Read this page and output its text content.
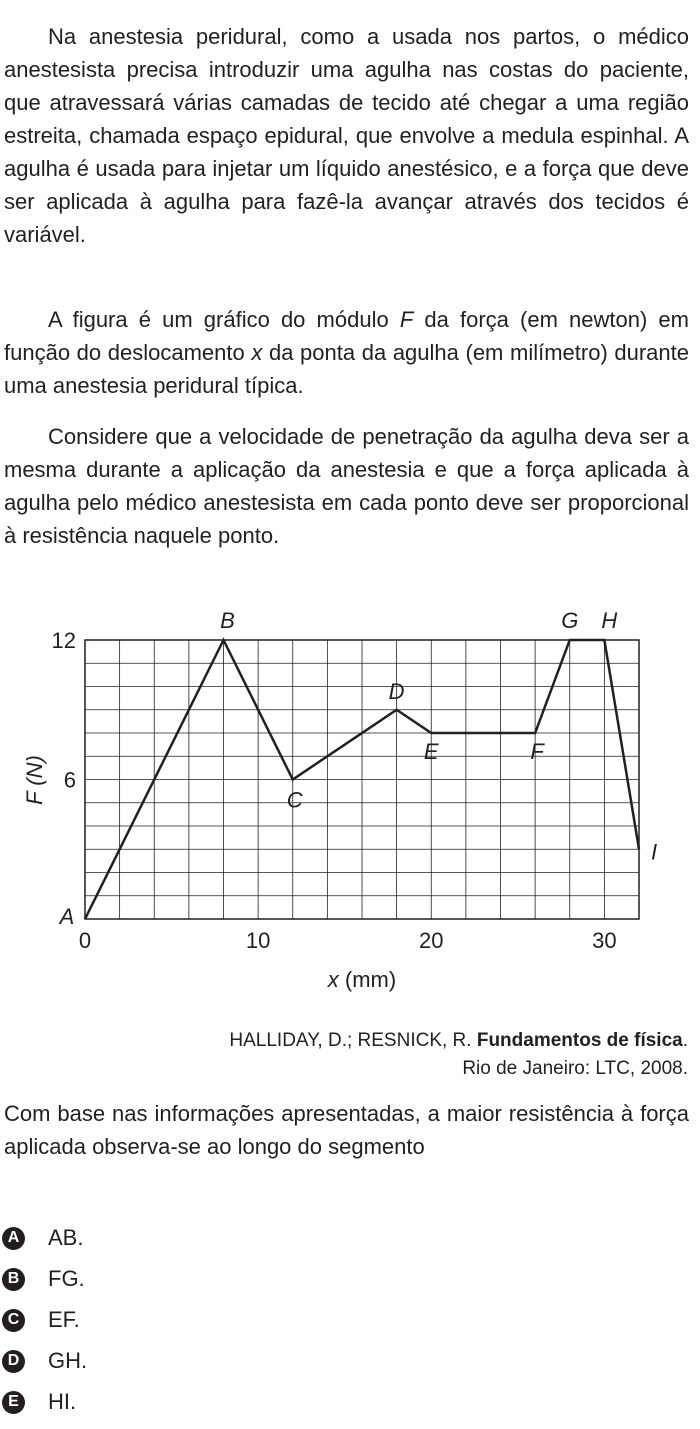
Na anestesia peridural, como a usada nos partos, o médico anestesista precisa introduzir uma agulha nas costas do paciente, que atravessará várias camadas de tecido até chegar a uma região estreita, chamada espaço epidural, que envolve a medula espinhal. A agulha é usada para injetar um líquido anestésico, e a força que deve ser aplicada à agulha para fazê-la avançar através dos tecidos é variável.

A figura é um gráfico do módulo F da força (em newton) em função do deslocamento x da ponta da agulha (em milímetro) durante uma anestesia peridural típica.

Considere que a velocidade de penetração da agulha deva ser a mesma durante a aplicação da anestesia e que a força aplicada à agulha pelo médico anestesista em cada ponto deve ser proporcional à resistência naquele ponto.

0	10	20	30
6
12
A
B
C
D
E	F
G H
I
F (N)
x (mm)
HALLIDAY, D.; RESNICK, R. Fundamentos de física.
Rio de Janeiro: LTC, 2008.

Com base nas informações apresentadas, a maior resistência à força aplicada observa-se ao longo do segmento

A AB.
B FG.
C EF.
D GH.
E HI.
